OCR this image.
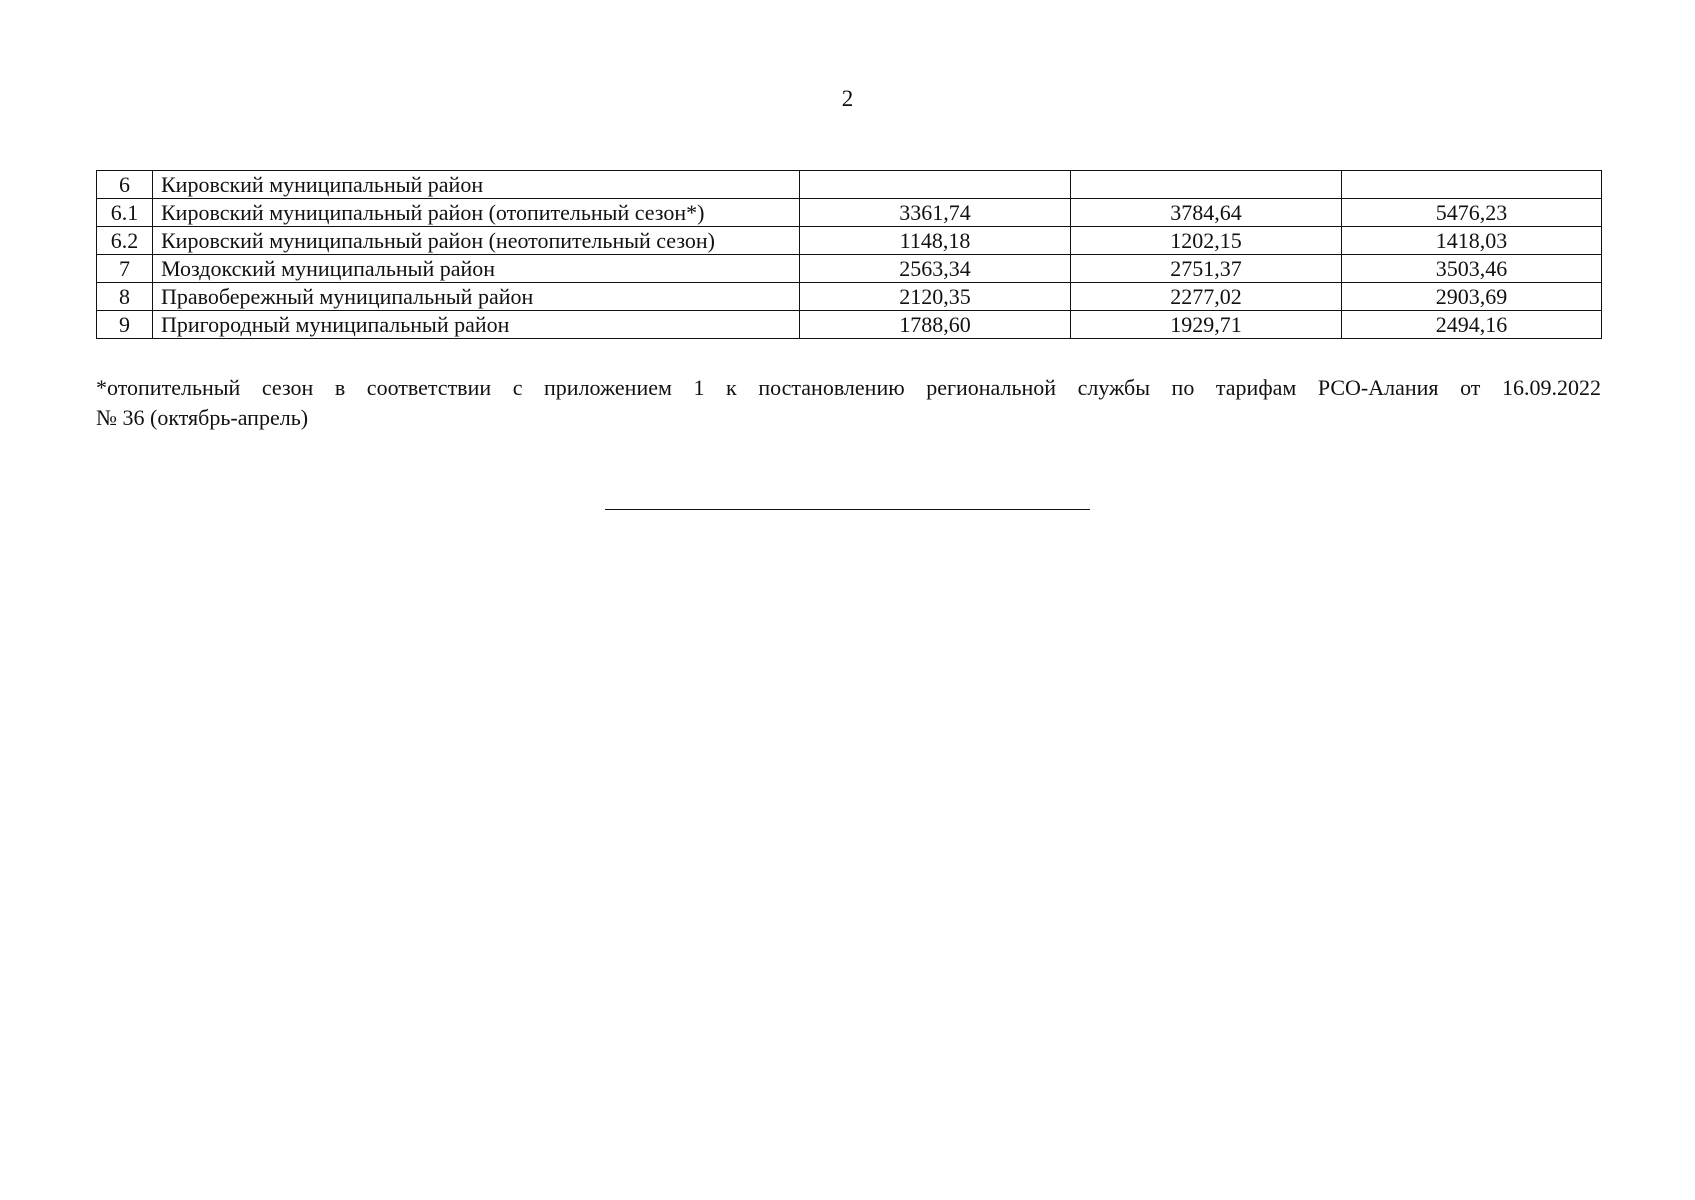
2
6	Кировский муниципальный район			
6.1	Кировский муниципальный район (отопительный сезон*)	3361,74	3784,64	5476,23
6.2	Кировский муниципальный район (неотопительный сезон)	1148,18	1202,15	1418,03
7	Моздокский муниципальный район	2563,34	2751,37	3503,46
8	Правобережный муниципальный район	2120,35	2277,02	2903,69
9	Пригородный муниципальный район	1788,60	1929,71	2494,16
*отопительный сезон в соответствии с приложением 1 к постановлению региональной службы по тарифам РСО-Алания от 16.09.2022
№ 36 (октябрь-апрель)
